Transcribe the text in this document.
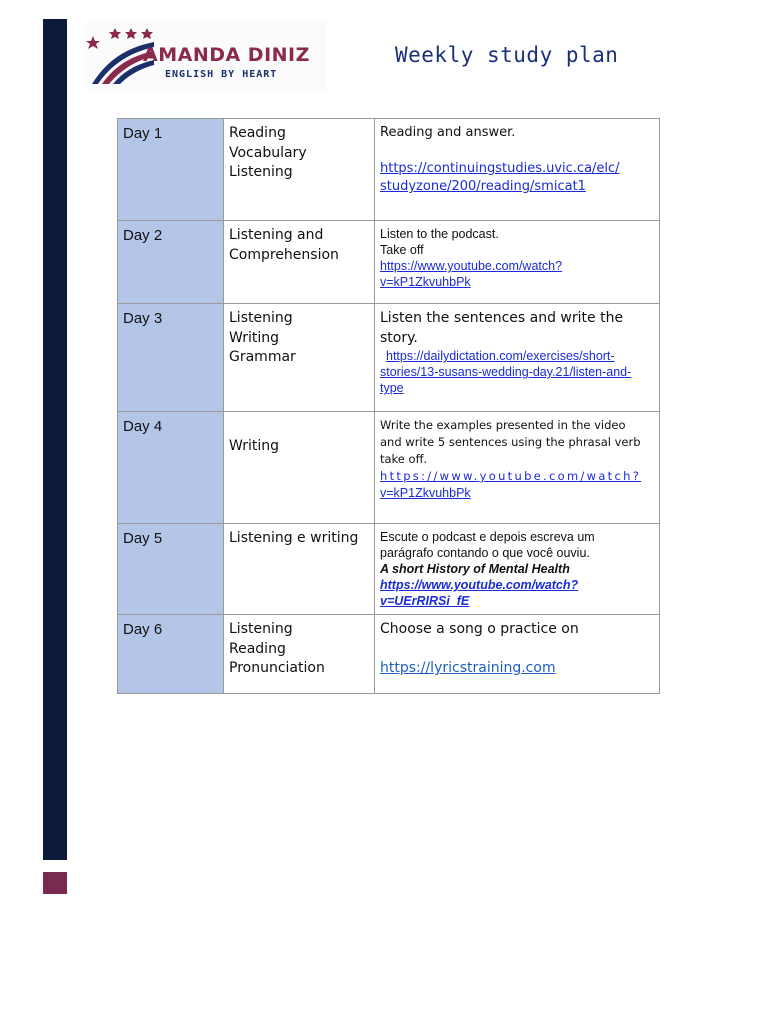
AMANDA DINIZ
ENGLISH BY HEART
Weekly study plan
Day 1	Reading
Vocabulary
Listening	Reading and answer.
https://continuingstudies.uvic.ca/elc/
studyzone/200/reading/smicat1

Day 2	Listening and
Comprehension	Listen to the podcast.
Take off
https://www.youtube.com/watch?
v=kP1ZkvuhbPk

Day 3	Listening
Writing
Grammar	Listen the sentences and write the
story.
https://dailydictation.com/exercises/short-
stories/13-susans-wedding-day.21/listen-and-
type

Day 4	Writing	Write the examples presented in the video
and write 5 sentences using the phrasal verb
take off.
https://www.youtube.com/watch?
v=kP1ZkvuhbPk

Day 5	Listening e writing	Escute o podcast e depois escreva um
parágrafo contando o que você ouviu.
A short History of Mental Health
https://www.youtube.com/watch?
v=UErRIRSi_fE

Day 6	Listening
Reading
Pronunciation	Choose a song o practice on
https://lyricstraining.com
